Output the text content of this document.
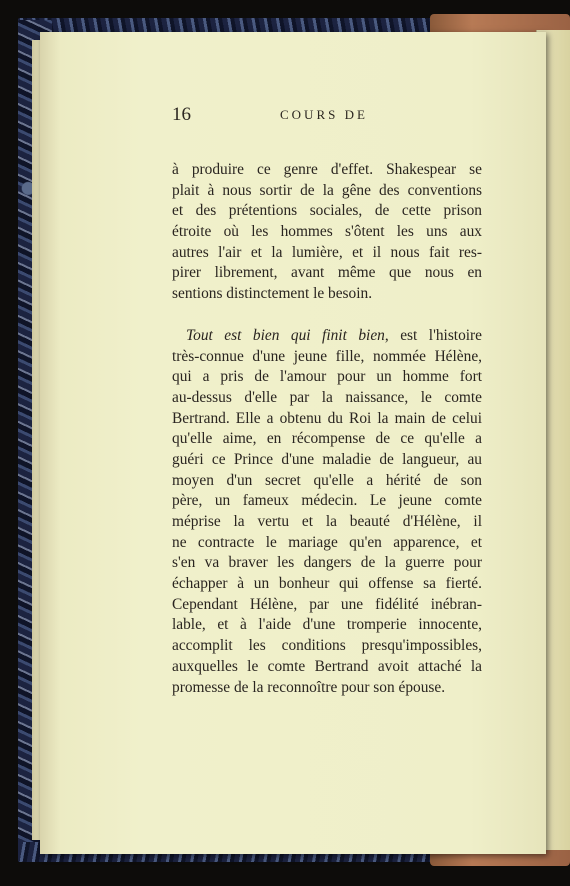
16	COURS DE
à produire ce genre d'effet. Shakespear se
plait à nous sortir de la gêne des conventions
et des prétentions sociales, de cette prison
étroite où les hommes s'ôtent les uns aux
autres l'air et la lumière, et il nous fait res-
pirer librement, avant même que nous en
sentions distinctement le besoin.
Tout est bien qui finit bien, est l'histoire
très-connue d'une jeune fille, nommée Hélène,
qui a pris de l'amour pour un homme fort
au-dessus d'elle par la naissance, le comte
Bertrand. Elle a obtenu du Roi la main de celui
qu'elle aime, en récompense de ce qu'elle a
guéri ce Prince d'une maladie de langueur, au
moyen d'un secret qu'elle a hérité de son
père, un fameux médecin. Le jeune comte
méprise la vertu et la beauté d'Hélène, il
ne contracte le mariage qu'en apparence, et
s'en va braver les dangers de la guerre pour
échapper à un bonheur qui offense sa fierté.
Cependant Hélène, par une fidélité inébran-
lable, et à l'aide d'une tromperie innocente,
accomplit les conditions presqu'impossibles,
auxquelles le comte Bertrand avoit attaché la
promesse de la reconnoître pour son épouse.
